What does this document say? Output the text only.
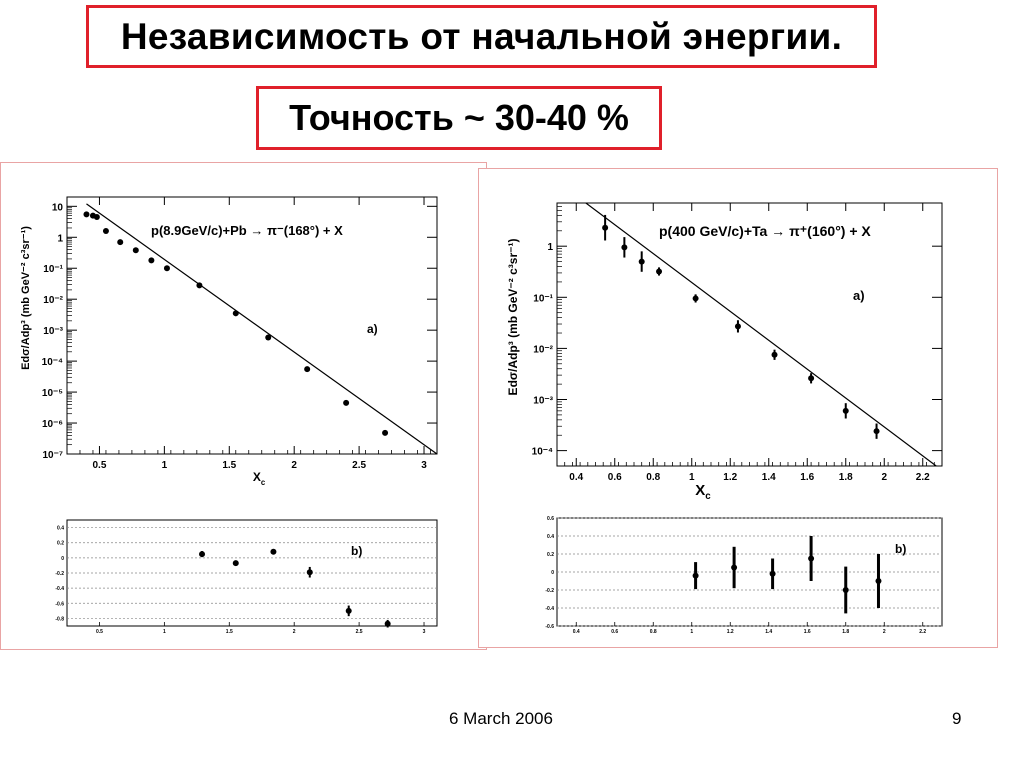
Независимость от начальной энергии.
Точность ~ 30-40 %
0.5	1	1.5	2	2.5	3
10
1
10⁻¹
10⁻²
10⁻³
10⁻⁴
10⁻⁵
10⁻⁶
10⁻⁷
p(8.9GeV/c)+Pb → π⁻(168°) + X
a)
$X_c$
Edσ/Adp³ (mb GeV⁻² c³sr⁻¹)
0.4
0.2
0
-0.2
-0.4
-0.6
-0.8
0.5	1	1.5	2	2.5	3
b)
0.4 0.6 0.8	1	1.2 1.4 1.6 1.8	2	2.2
1
10⁻¹
10⁻²
10⁻³
10⁻⁴
p(400 GeV/c)+Ta → π⁺(160°) + X
a)
$X_c$
Edσ/Adp³ (mb GeV⁻² c³sr⁻¹)
0.6
0.4
0.2
0
-0.2
-0.4
-0.6
0.4	0.6	0.8	1	1.2	1.4	1.6	1.8	2	2.2
b)
6 March 2006	9
